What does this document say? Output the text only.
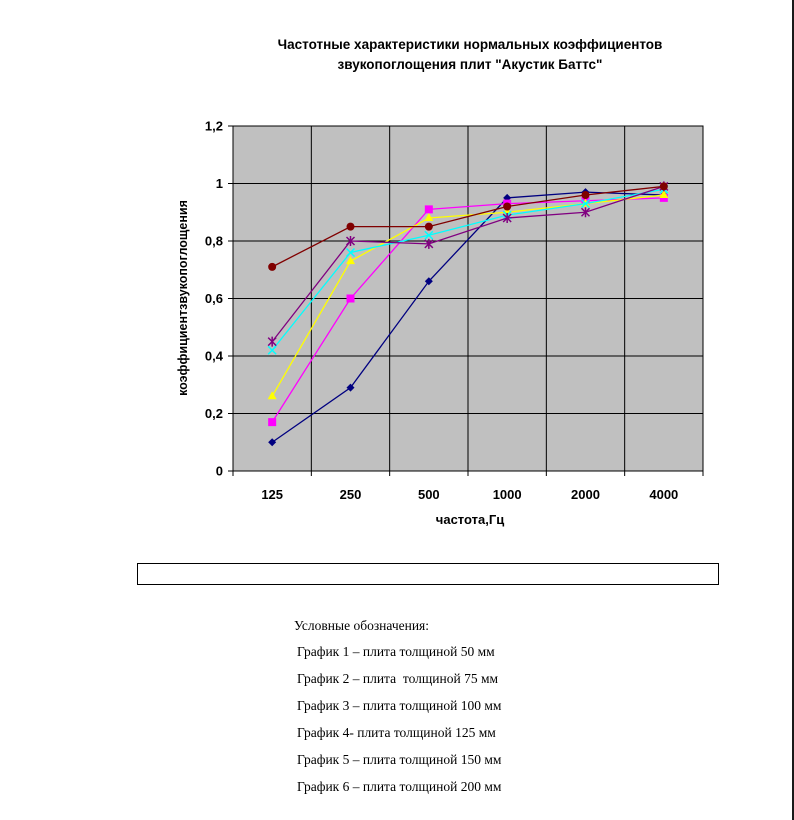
Частотные характеристики нормальных коэффициентов
звукопоглощения плит "Акустик Баттс"
0
0,2
0,4
0,6
0,8
1
1,2
125	250	500	1000	2000	4000
коэффициентзвукопоглощения
частота,Гц
Условные обозначения:
График 1 – плита толщиной 50 мм
График 2 – плита  толщиной 75 мм
График 3 – плита толщиной 100 мм
График 4- плита толщиной 125 мм
График 5 – плита толщиной 150 мм
График 6 – плита толщиной 200 мм
